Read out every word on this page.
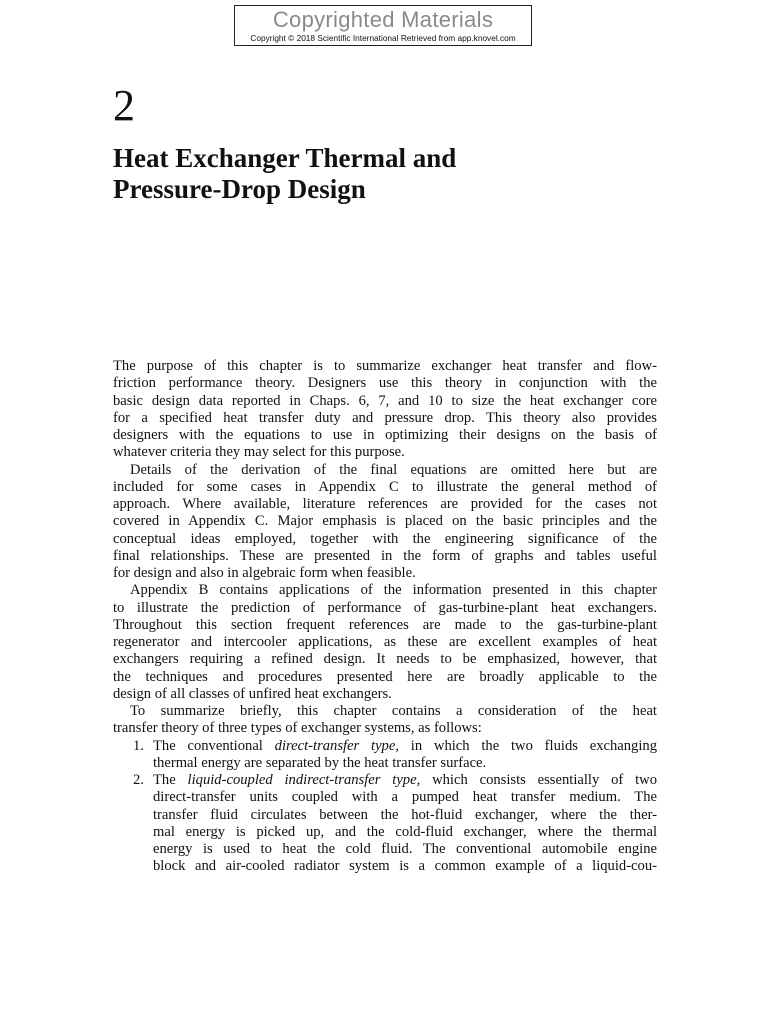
Copyrighted Materials
Copyright © 2018 Scientific International Retrieved from app.knovel.com
2
Heat Exchanger Thermal and
Pressure-Drop Design
The purpose of this chapter is to summarize exchanger heat transfer and flow-
friction performance theory. Designers use this theory in conjunction with the
basic design data reported in Chaps. 6, 7, and 10 to size the heat exchanger core
for a specified heat transfer duty and pressure drop. This theory also provides
designers with the equations to use in optimizing their designs on the basis of
whatever criteria they may select for this purpose.
Details of the derivation of the final equations are omitted here but are
included for some cases in Appendix C to illustrate the general method of
approach. Where available, literature references are provided for the cases not
covered in Appendix C. Major emphasis is placed on the basic principles and the
conceptual ideas employed, together with the engineering significance of the
final relationships. These are presented in the form of graphs and tables useful
for design and also in algebraic form when feasible.
Appendix B contains applications of the information presented in this chapter
to illustrate the prediction of performance of gas-turbine-plant heat exchangers.
Throughout this section frequent references are made to the gas-turbine-plant
regenerator and intercooler applications, as these are excellent examples of heat
exchangers requiring a refined design. It needs to be emphasized, however, that
the techniques and procedures presented here are broadly applicable to the
design of all classes of unfired heat exchangers.
To summarize briefly, this chapter contains a consideration of the heat
transfer theory of three types of exchanger systems, as follows:
1. The conventional direct-transfer type, in which the two fluids exchanging
thermal energy are separated by the heat transfer surface.
2. The liquid-coupled indirect-transfer type, which consists essentially of two
direct-transfer units coupled with a pumped heat transfer medium. The
transfer fluid circulates between the hot-fluid exchanger, where the ther-
mal energy is picked up, and the cold-fluid exchanger, where the thermal
energy is used to heat the cold fluid. The conventional automobile engine
block and air-cooled radiator system is a common example of a liquid-cou-
